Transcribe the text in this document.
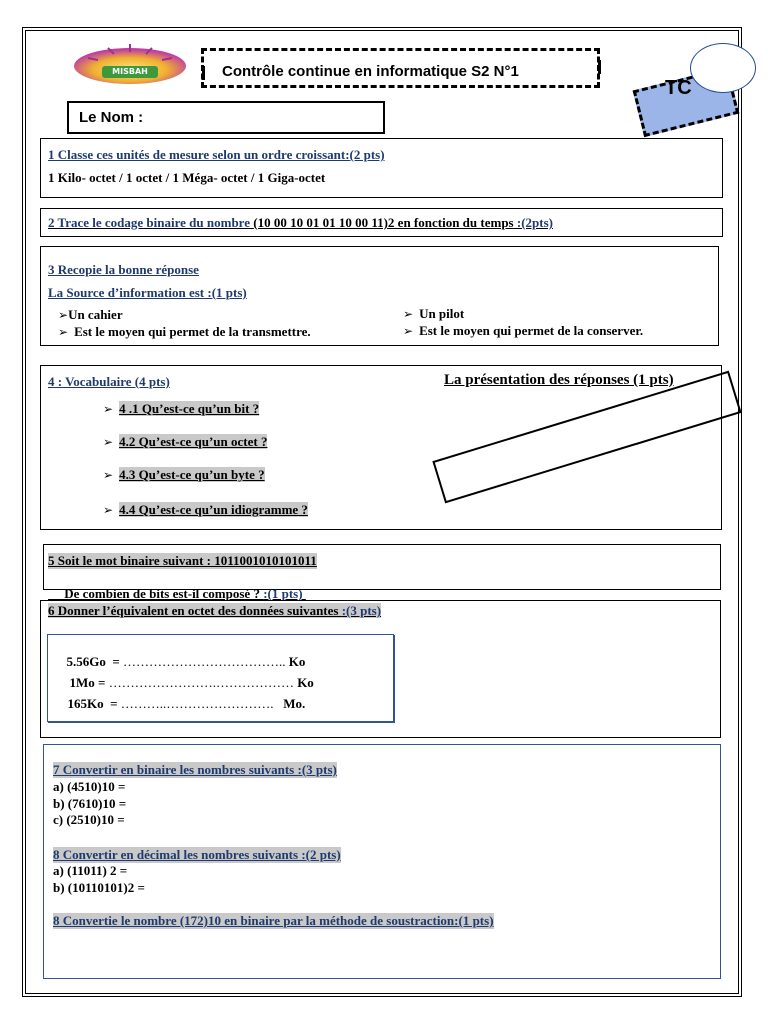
MISBAH	Contrôle continue en informatique S2 N°1
TC
Le Nom :
1 Classe ces unités de mesure selon un ordre croissant:(2 pts)
1 Kilo- octet / 1 octet / 1 Méga- octet / 1 Giga-octet
2 Trace le codage binaire du nombre (10 00 10 01 01 10 00 11)2 en fonction du temps :(2pts)
3 Recopie la bonne réponse
La Source d’information est :(1 pts)
➢Un cahier	➢ Un pilot
➢ Est le moyen qui permet de la transmettre.	➢ Est le moyen qui permet de la conserver.
4 : Vocabulaire (4 pts)
➢ 4 .1 Qu’est-ce qu’un bit ?
➢ 4.2 Qu’est-ce qu’un octet ?
➢ 4.3 Qu’est-ce qu’un byte ?
➢ 4.4 Qu’est-ce qu’un idiogramme ?
La présentation des réponses (1 pts)
5 Soit le mot binaire suivant : 1011001010101011

De combien de bits est-il composé ? :(1 pts)

6 Donner l’équivalent en octet des données suivantes :(3 pts)

5.56Go  = ……………………………….. Ko

1Mo = …………………….……………… Ko

165Ko  = ………..…………………….   Mo.

7 Convertir en binaire les nombres suivants :(3 pts)
a) (4510)10 =
b) (7610)10 =
c) (2510)10 =
8 Convertir en décimal les nombres suivants :(2 pts)
a) (11011) 2 =
b) (10110101)2 =
8 Convertie le nombre (172)10 en binaire par la méthode de soustraction:(1 pts)
